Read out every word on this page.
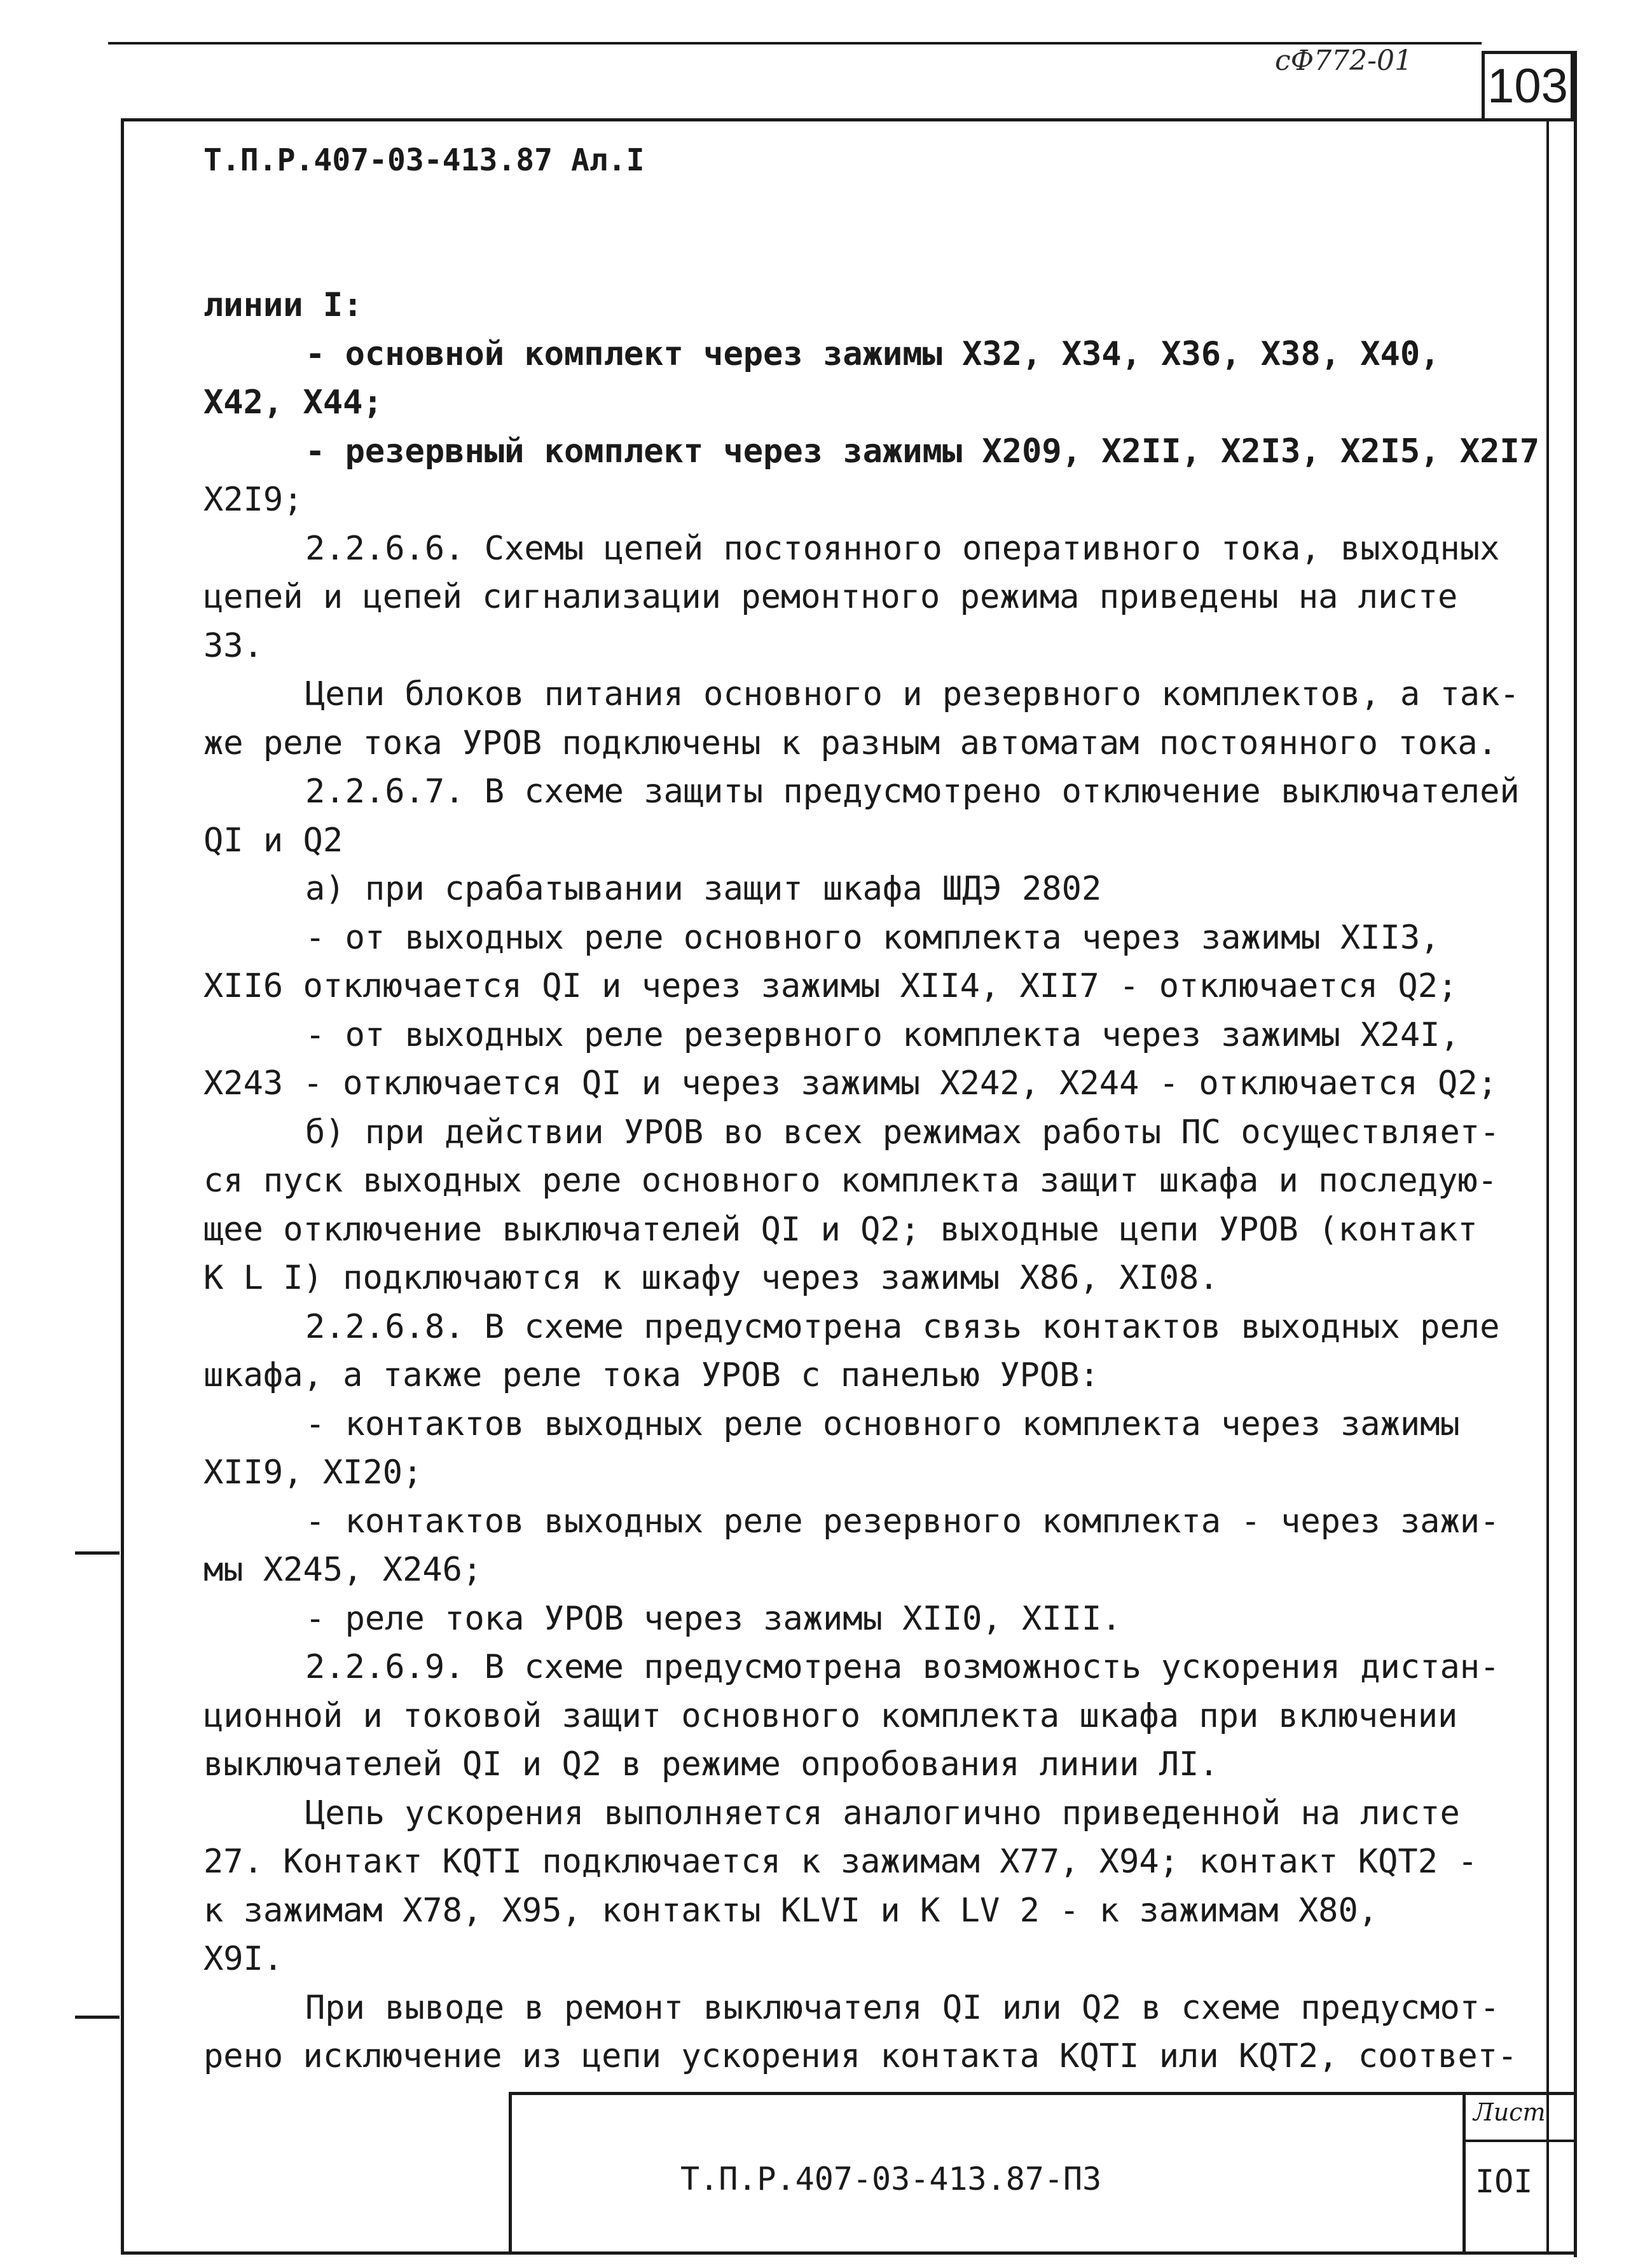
сФ772-01 103
Т.П.Р.407-03-413.87 Ал.I
линии I:
- основной комплект через зажимы Х32, Х34, Х36, Х38, Х40,
Х42, Х44;
- резервный комплект через зажимы Х209, Х2II, Х2I3, Х2I5, Х2I7
Х2I9;
2.2.6.6. Схемы цепей постоянного оперативного тока, выходных
цепей и цепей сигнализации ремонтного режима приведены на листе
33.
Цепи блоков питания основного и резервного комплектов, а так-
же реле тока УРОВ подключены к разным автоматам постоянного тока.
2.2.6.7. В схеме защиты предусмотрено отключение выключателей
QI и Q2
а) при срабатывании защит шкафа ШДЭ 2802
- от выходных реле основного комплекта через зажимы ХII3,
ХII6 отключается QI и через зажимы ХII4, ХII7 - отключается Q2;
- от выходных реле резервного комплекта через зажимы Х24I,
Х243 - отключается QI и через зажимы Х242, Х244 - отключается Q2;
б) при действии УРОВ во всех режимах работы ПС осуществляет-
ся пуск выходных реле основного комплекта защит шкафа и последую-
щее отключение выключателей QI и Q2; выходные цепи УРОВ (контакт
К L I) подключаются к шкафу через зажимы Х86, ХI08.
2.2.6.8. В схеме предусмотрена связь контактов выходных реле
шкафа, а также реле тока УРОВ с панелью УРОВ:
- контактов выходных реле основного комплекта через зажимы
ХII9, ХI20;
- контактов выходных реле резервного комплекта - через зажи-
мы Х245, Х246;
- реле тока УРОВ через зажимы ХII0, ХIII.
2.2.6.9. В схеме предусмотрена возможность ускорения дистан-
ционной и токовой защит основного комплекта шкафа при включении
выключателей QI и Q2 в режиме опробования линии ЛI.
Цепь ускорения выполняется аналогично приведенной на листе
27. Контакт КQTI подключается к зажимам Х77, Х94; контакт КQT2 -
к зажимам Х78, Х95, контакты КLVI и К LV 2 - к зажимам Х80,
Х9I.
При выводе в ремонт выключателя QI или Q2 в схеме предусмот-
рено исключение из цепи ускорения контакта КQTI или КQT2, соответ-
Лист
Т.П.Р.407-03-413.87-ПЗ	IOI
